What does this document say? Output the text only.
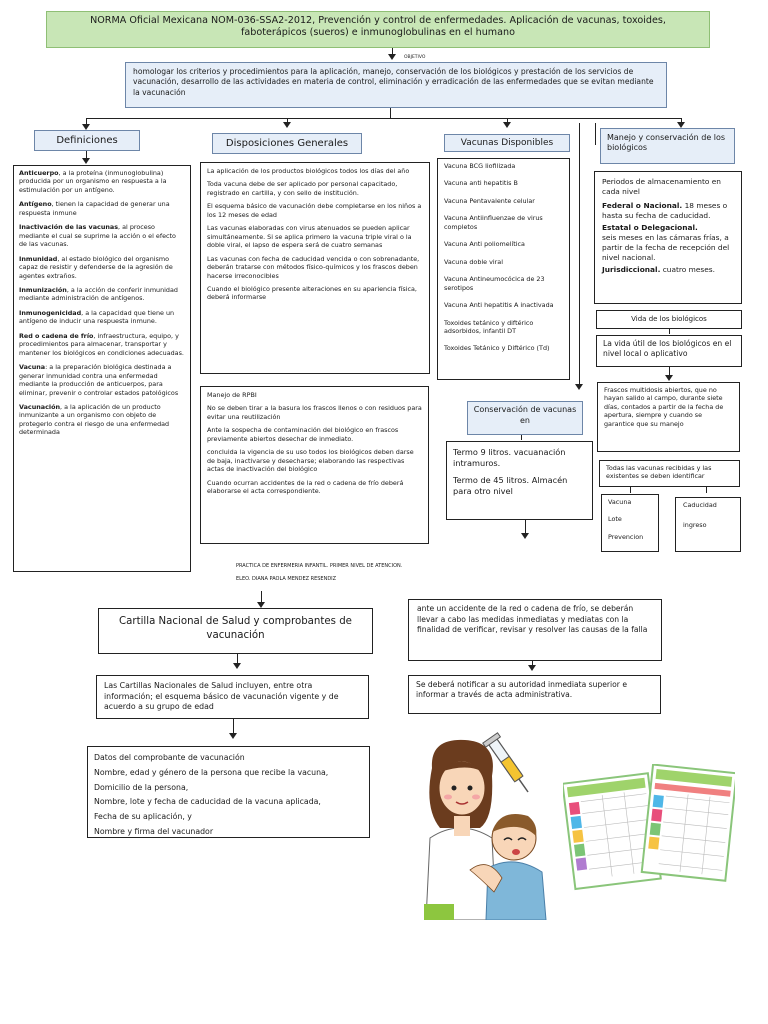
NORMA Oficial Mexicana NOM-036-SSA2-2012, Prevención y control de enfermedades. Aplicación de vacunas, toxoides, faboterápicos (sueros) e inmunoglobulinas en el humano
OBJETIVO
homologar los criterios y procedimientos para la aplicación, manejo, conservación de los biológicos y prestación de los servicios de vacunación, desarrollo de las actividades en materia de control, eliminación y erradicación de las enfermedades que se evitan mediante la vacunación
Definiciones

Anticuerpo, a la proteína (inmunoglobulina) producida por un organismo en respuesta a la estimulación por un antígeno.

Antígeno, tienen la capacidad de generar una respuesta inmune

Inactivación de las vacunas, al proceso mediante el cual se suprime la acción o el efecto de las vacunas.

Inmunidad, al estado biológico del organismo capaz de resistir y defenderse de la agresión de agentes extraños.

Inmunización, a la acción de conferir inmunidad mediante administración de antígenos.

Inmunogenicidad, a la capacidad que tiene un antígeno de inducir una respuesta inmune.

Red o cadena de frío, infraestructura, equipo, y procedimientos para almacenar, transportar y mantener los biológicos en condiciones adecuadas.

Vacuna: a la preparación biológica destinada a generar inmunidad contra una enfermedad mediante la producción de anticuerpos, para eliminar, prevenir o controlar estados patológicos

Vacunación, a la aplicación de un producto inmunizante a un organismo con objeto de protegerlo contra el riesgo de una enfermedad determinada

Disposiciones Generales

La aplicación de los productos biológicos todos los días del año

Toda vacuna debe de ser aplicado por personal capacitado, registrado en cartilla, y con sello de institución.

El esquema básico de vacunación debe completarse en los niños a los 12 meses de edad

Las vacunas elaboradas con virus atenuados se pueden aplicar simultáneamente. Si se aplica primero la vacuna triple viral o la doble viral, el lapso de espera será de cuatro semanas

Las vacunas con fecha de caducidad vencida o con sobrenadante, deberán tratarse con métodos físico-químicos y los frascos deben hacerse irreconocibles

Cuando el biológico presente alteraciones en su apariencia física, deberá informarse

Manejo de RPBI

No se deben tirar a la basura los frascos llenos o con residuos para evitar una reutilización

Ante la sospecha de contaminación del biológico en frascos previamente abiertos desechar de inmediato.

concluida la vigencia de su uso todos los biológicos deben darse de baja, inactivarse y desecharse; elaborando las respectivas actas de inactivación del biológico

Cuando ocurran accidentes de la red o cadena de frío deberá elaborarse el acta correspondiente.

Vacunas Disponibles

Vacuna BCG liofilizada

Vacuna anti hepatitis B

Vacuna Pentavalente celular

Vacuna Antiinfluenzae de virus completos

Vacuna Anti poliomelítica

Vacuna doble viral

Vacuna Antineumocócica de 23 serotipos

Vacuna Anti hepatitis A inactivada

Toxoides tetánico y diftérico adsorbidos, infantil DT

Toxoides Tetánico y Diftérico (Td)

Conservación de vacunas en

Termo 9 litros. vacuanación intramuros.

Termo de 45 litros. Almacén para otro nivel

Manejo y conservación de los biológicos

Periodos de almacenamiento en cada nivel

Federal o Nacional. 18 meses o hasta su fecha de caducidad.

Estatal o Delegacional.

seis meses en las cámaras frías, a partir de la fecha de recepción del nivel nacional.

Jurisdiccional. cuatro meses.

Vida de los biológicos
La vida útil de los biológicos en el nivel local o aplicativo
Frascos multidosis abiertos, que no hayan salido al campo, durante siete días, contados a partir de la fecha de apertura, siempre y cuando se garantice que su manejo
Todas las vacunas recibidas y las existentes se deben identificar

Vacuna

Lote

Prevencion

Caducidad

ingreso

PRACTICA DE ENFERMERIA INFANTIL. PRIMER NIVEL DE ATENCION.
ELEO. DIANA PAOLA MENDEZ RESENDIZ
Cartilla Nacional de Salud y comprobantes de vacunación
Las Cartillas Nacionales de Salud incluyen, entre otra información; el esquema básico de vacunación vigente y de acuerdo a su grupo de edad
Datos del comprobante de vacunación
Nombre, edad y género de la persona que recibe la vacuna,
Domicilio de la persona,
Nombre, lote y fecha de caducidad de la vacuna aplicada,
Fecha de su aplicación, y
Nombre y firma del vacunador
ante un accidente de la red o cadena de frío, se deberán llevar a cabo las medidas inmediatas y mediatas con la finalidad de verificar, revisar y resolver las causas de la falla
Se deberá notificar a su autoridad inmediata superior e informar a través de acta administrativa.
